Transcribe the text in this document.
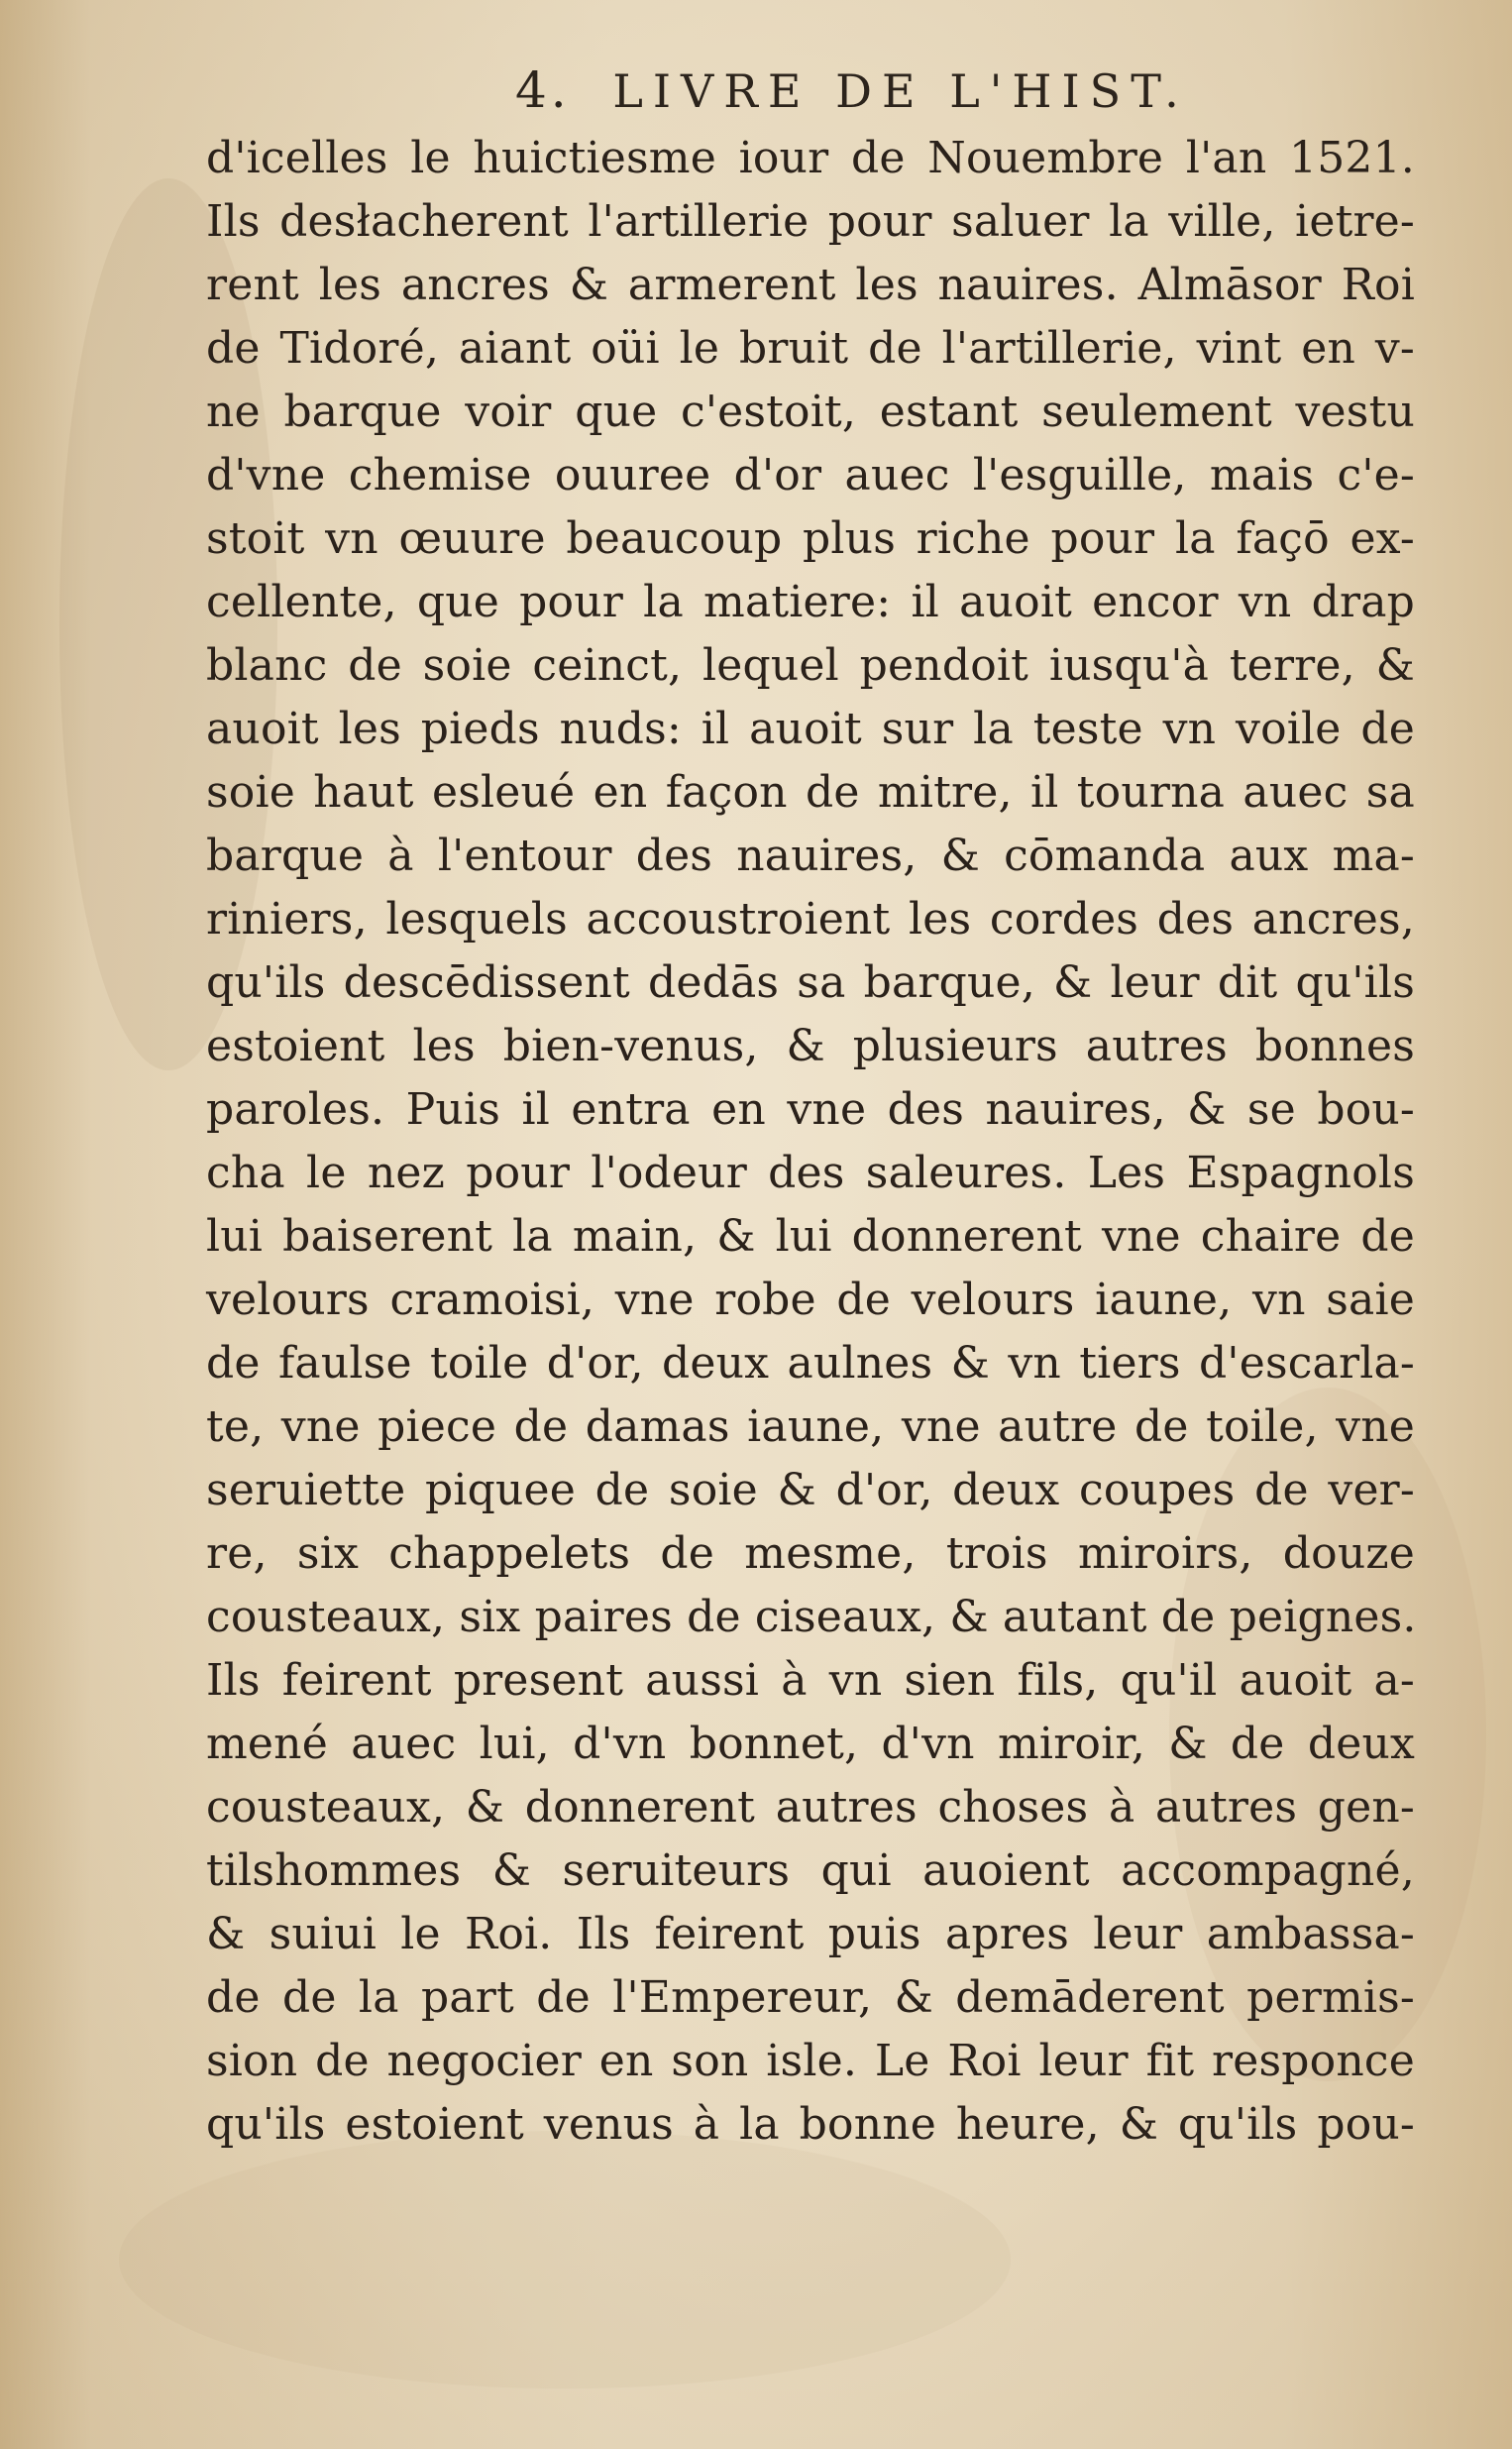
4. LIVRE DE L'HIST.
d'icelles le huictiesme iour de Nouembre l'an 1521.
Ils desłacherent l'artillerie pour saluer la ville, ietre-
rent les ancres & armerent les nauires. Almāsor Roi
de Tidoré, aiant oüi le bruit de l'artillerie, vint en v-
ne barque voir que c'estoit, estant seulement vestu
d'vne chemise ouuree d'or auec l'esguille, mais c'e-
stoit vn œuure beaucoup plus riche pour la façō ex-
cellente, que pour la matiere: il auoit encor vn drap
blanc de soie ceinct, lequel pendoit iusqu'à terre, &
auoit les pieds nuds: il auoit sur la teste vn voile de
soie haut esleué en façon de mitre, il tourna auec sa
barque à l'entour des nauires, & cōmanda aux ma-
riniers, lesquels accoustroient les cordes des ancres,
qu'ils descēdissent dedās sa barque, & leur dit qu'ils
estoient les bien-venus, & plusieurs autres bonnes
paroles. Puis il entra en vne des nauires, & se bou-
cha le nez pour l'odeur des saleures. Les Espagnols
lui baiserent la main, & lui donnerent vne chaire de
velours cramoisi, vne robe de velours iaune, vn saie
de faulse toile d'or, deux aulnes & vn tiers d'escarla-
te, vne piece de damas iaune, vne autre de toile, vne
seruiette piquee de soie & d'or, deux coupes de ver-
re, six chappelets de mesme, trois miroirs, douze
cousteaux, six paires de ciseaux, & autant de peignes.
Ils feirent present aussi à vn sien fils, qu'il auoit a-
mené auec lui, d'vn bonnet, d'vn miroir, & de deux
cousteaux, & donnerent autres choses à autres gen-
tilshommes & seruiteurs qui auoient accompagné,
& suiui le Roi. Ils feirent puis apres leur ambassa-
de de la part de l'Empereur, & demāderent permis-
sion de negocier en son isle. Le Roi leur fit responce
qu'ils estoient venus à la bonne heure, & qu'ils pou-
